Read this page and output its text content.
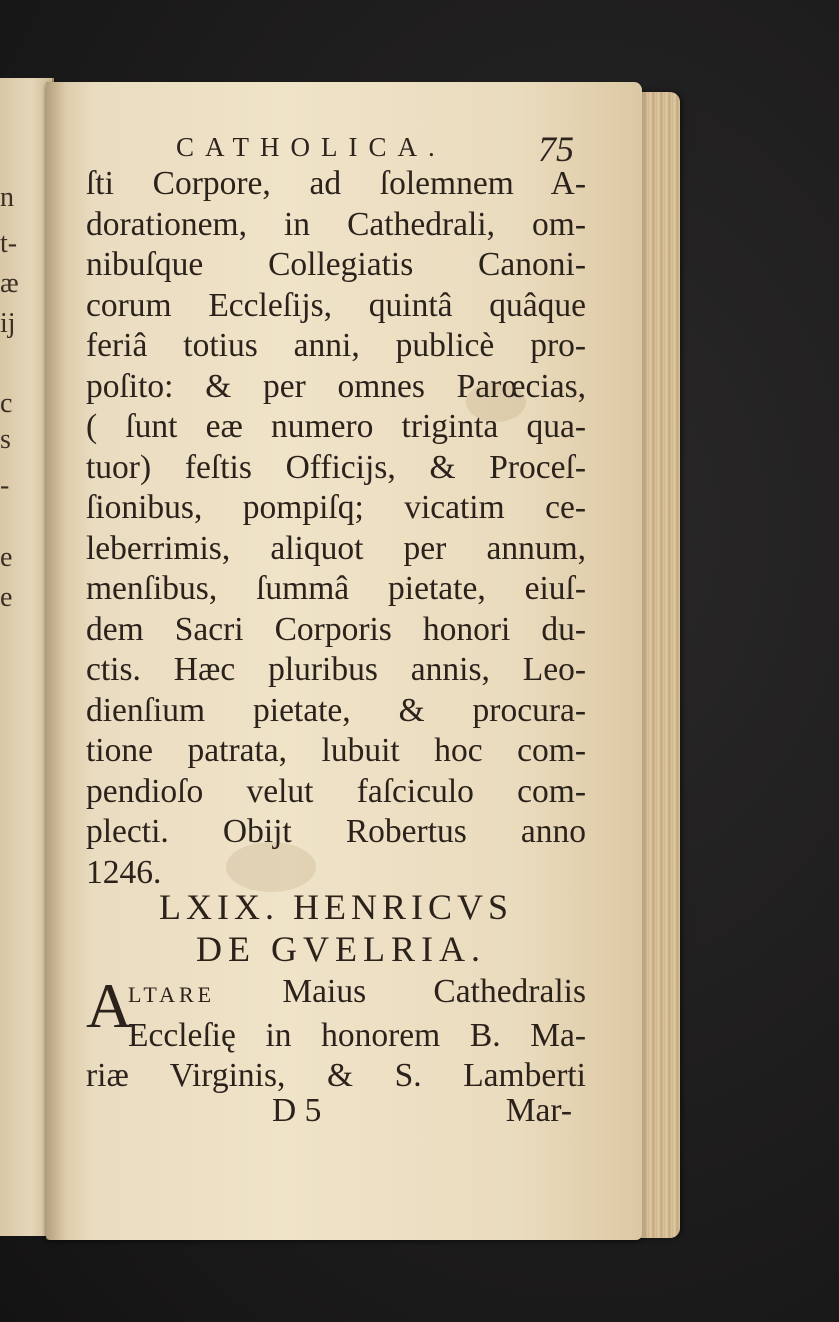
n
t-
æ
ij
c
s
-
e
e
CATHOLICA.	75
ſti Corpore, ad ſolemnem A-
dorationem, in Cathedrali, om-
nibuſque Collegiatis Canoni-
corum Eccleſijs, quintâ quâque
feriâ totius anni, publicè pro-
poſito: & per omnes Parœcias,
( ſunt eæ numero triginta qua-
tuor) feſtis Officijs, & Proceſ-
ſionibus, pompiſq; vicatim ce-
leberrimis, aliquot per annum,
menſibus, ſummâ pietate, eiuſ-
dem Sacri Corporis honori du-
ctis. Hæc pluribus annis, Leo-
dienſium pietate, & procura-
tione patrata, lubuit hoc com-
pendioſo velut faſciculo com-
plecti. Obijt Robertus anno
1246.
LXIX. HENRICVS
DE GVELRIA.
A
LTARE Maius Cathedralis
Eccleſię in honorem B. Ma-
riæ Virginis, & S. Lamberti
D 5	Mar-
